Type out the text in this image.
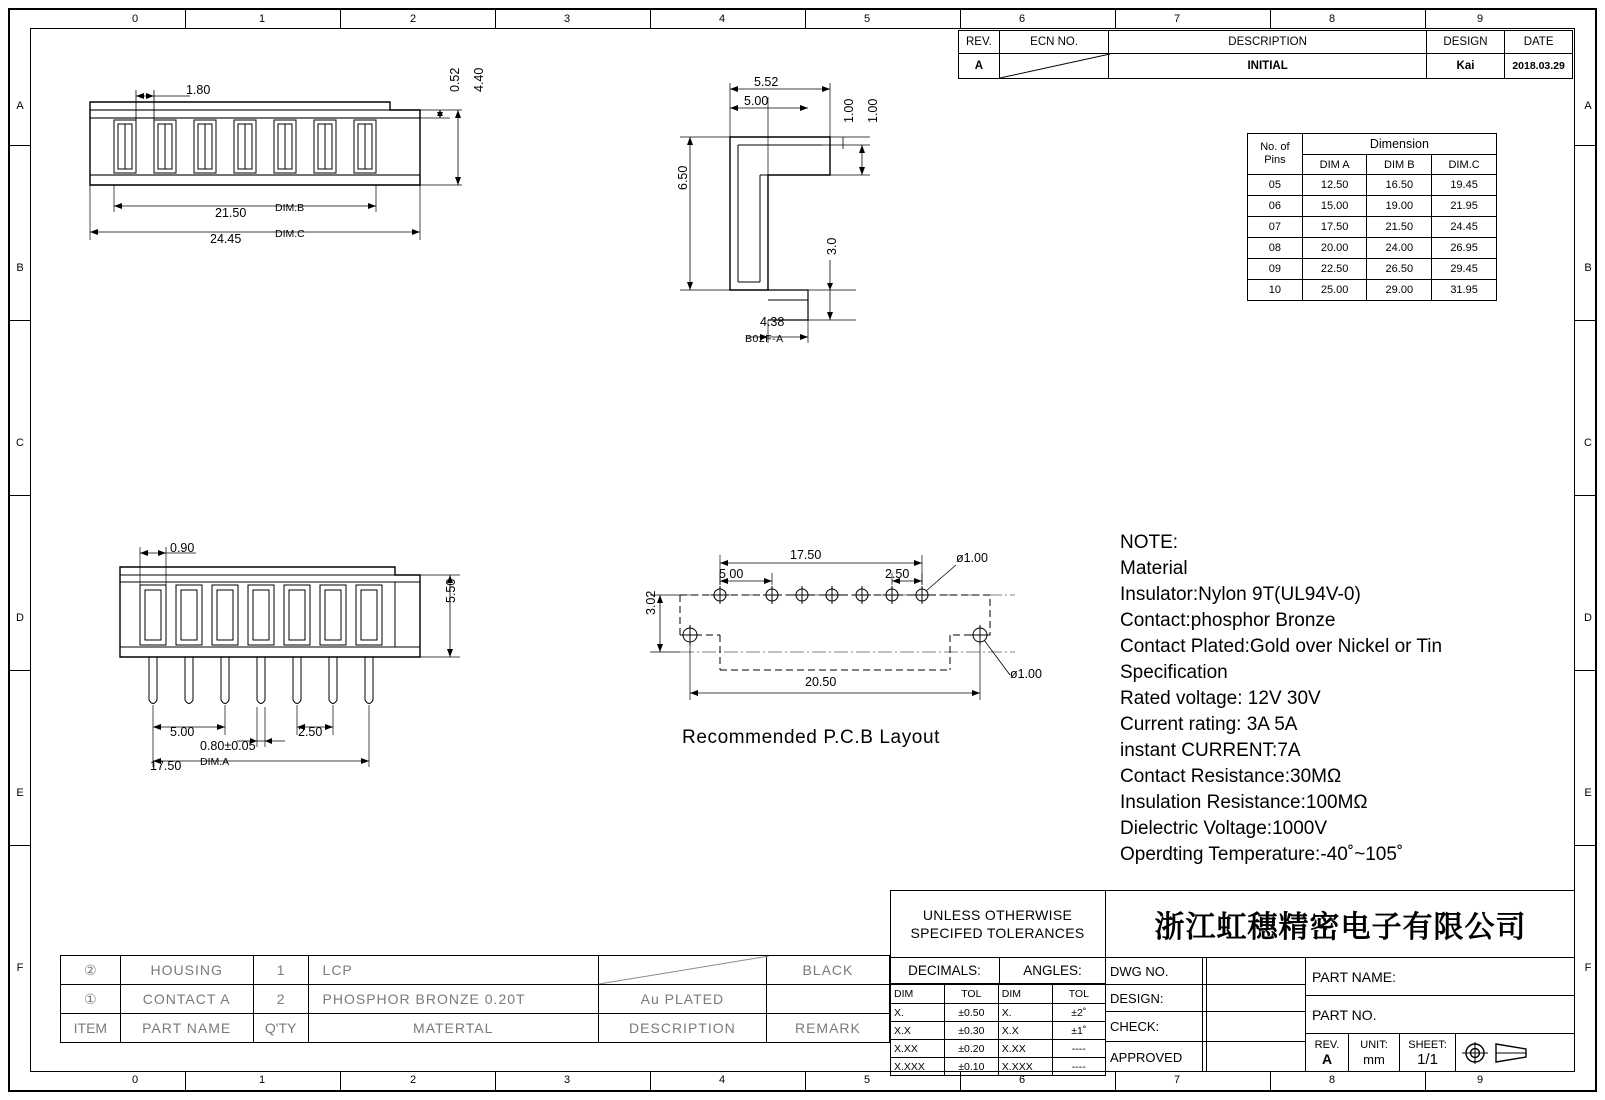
0	1	2	3	4	5	6	7	8	9
0	1	2	3	4	5	6	7	8	9
A
B
C
D
E
F
A
B
C
D
E
F
REV.	ECN NO.	DESCRIPTION	DESIGN	DATE
A		INITIAL	Kai	2018.03.29
No. of
Pins	Dimension		
	DIM A	DIM B	DIM.C
05	12.50	16.50	19.45
06	15.00	19.00	21.95
07	17.50	21.50	24.45
08	20.00	24.00	26.95
09	22.50	26.50	29.45
10	25.00	29.00	31.95
1.80	0.52 4.40
21.50	DIM.B
24.45	DIM.C
5.52
5.00	1.00 1.00
6.50
3.0
4.38
B02F-A
0.90
5.50
5.00	2.50
0.80±0.05
17.50 DIM.A
17.50
5 00	2.50
ø1.00
ø1.00
3.02
20.50
Recommended P.C.B Layout
NOTE:
Material
Insulator:Nylon 9T(UL94V-0)
Contact:phosphor Bronze
Contact Plated:Gold over Nickel or Tin
Specification
Rated voltage: 12V 30V
Current rating: 3A 5A
instant CURRENT:7A
Contact Resistance:30MΩ
Insulation Resistance:100MΩ
Dielectric Voltage:1000V
Operdting Temperature:-40˚~105˚
UNLESS OTHERWISE
SPECIFED TOLERANCES 浙江虹穗精密电子有限公司
DECIMALS:	ANGLES:
DIM	TOL	DIM	TOL
X.	±0.50	X.	±2˚
X.X	±0.30	X.X	±1˚
X.XX	±0.20	X.XX	----
X.XXX	±0.10	X.XXX	----
DWG NO.
DESIGN:
CHECK:
APPROVED
PART NAME:
PART NO.
REV.
A
UNIT:
mm
SHEET:
1/1
②	HOUSING	1	LCP		BLACK
①	CONTACT A	2	PHOSPHOR BRONZE 0.20T	Au PLATED	
ITEM	PART NAME	Q'TY	MATERTAL	DESCRIPTION	REMARK
